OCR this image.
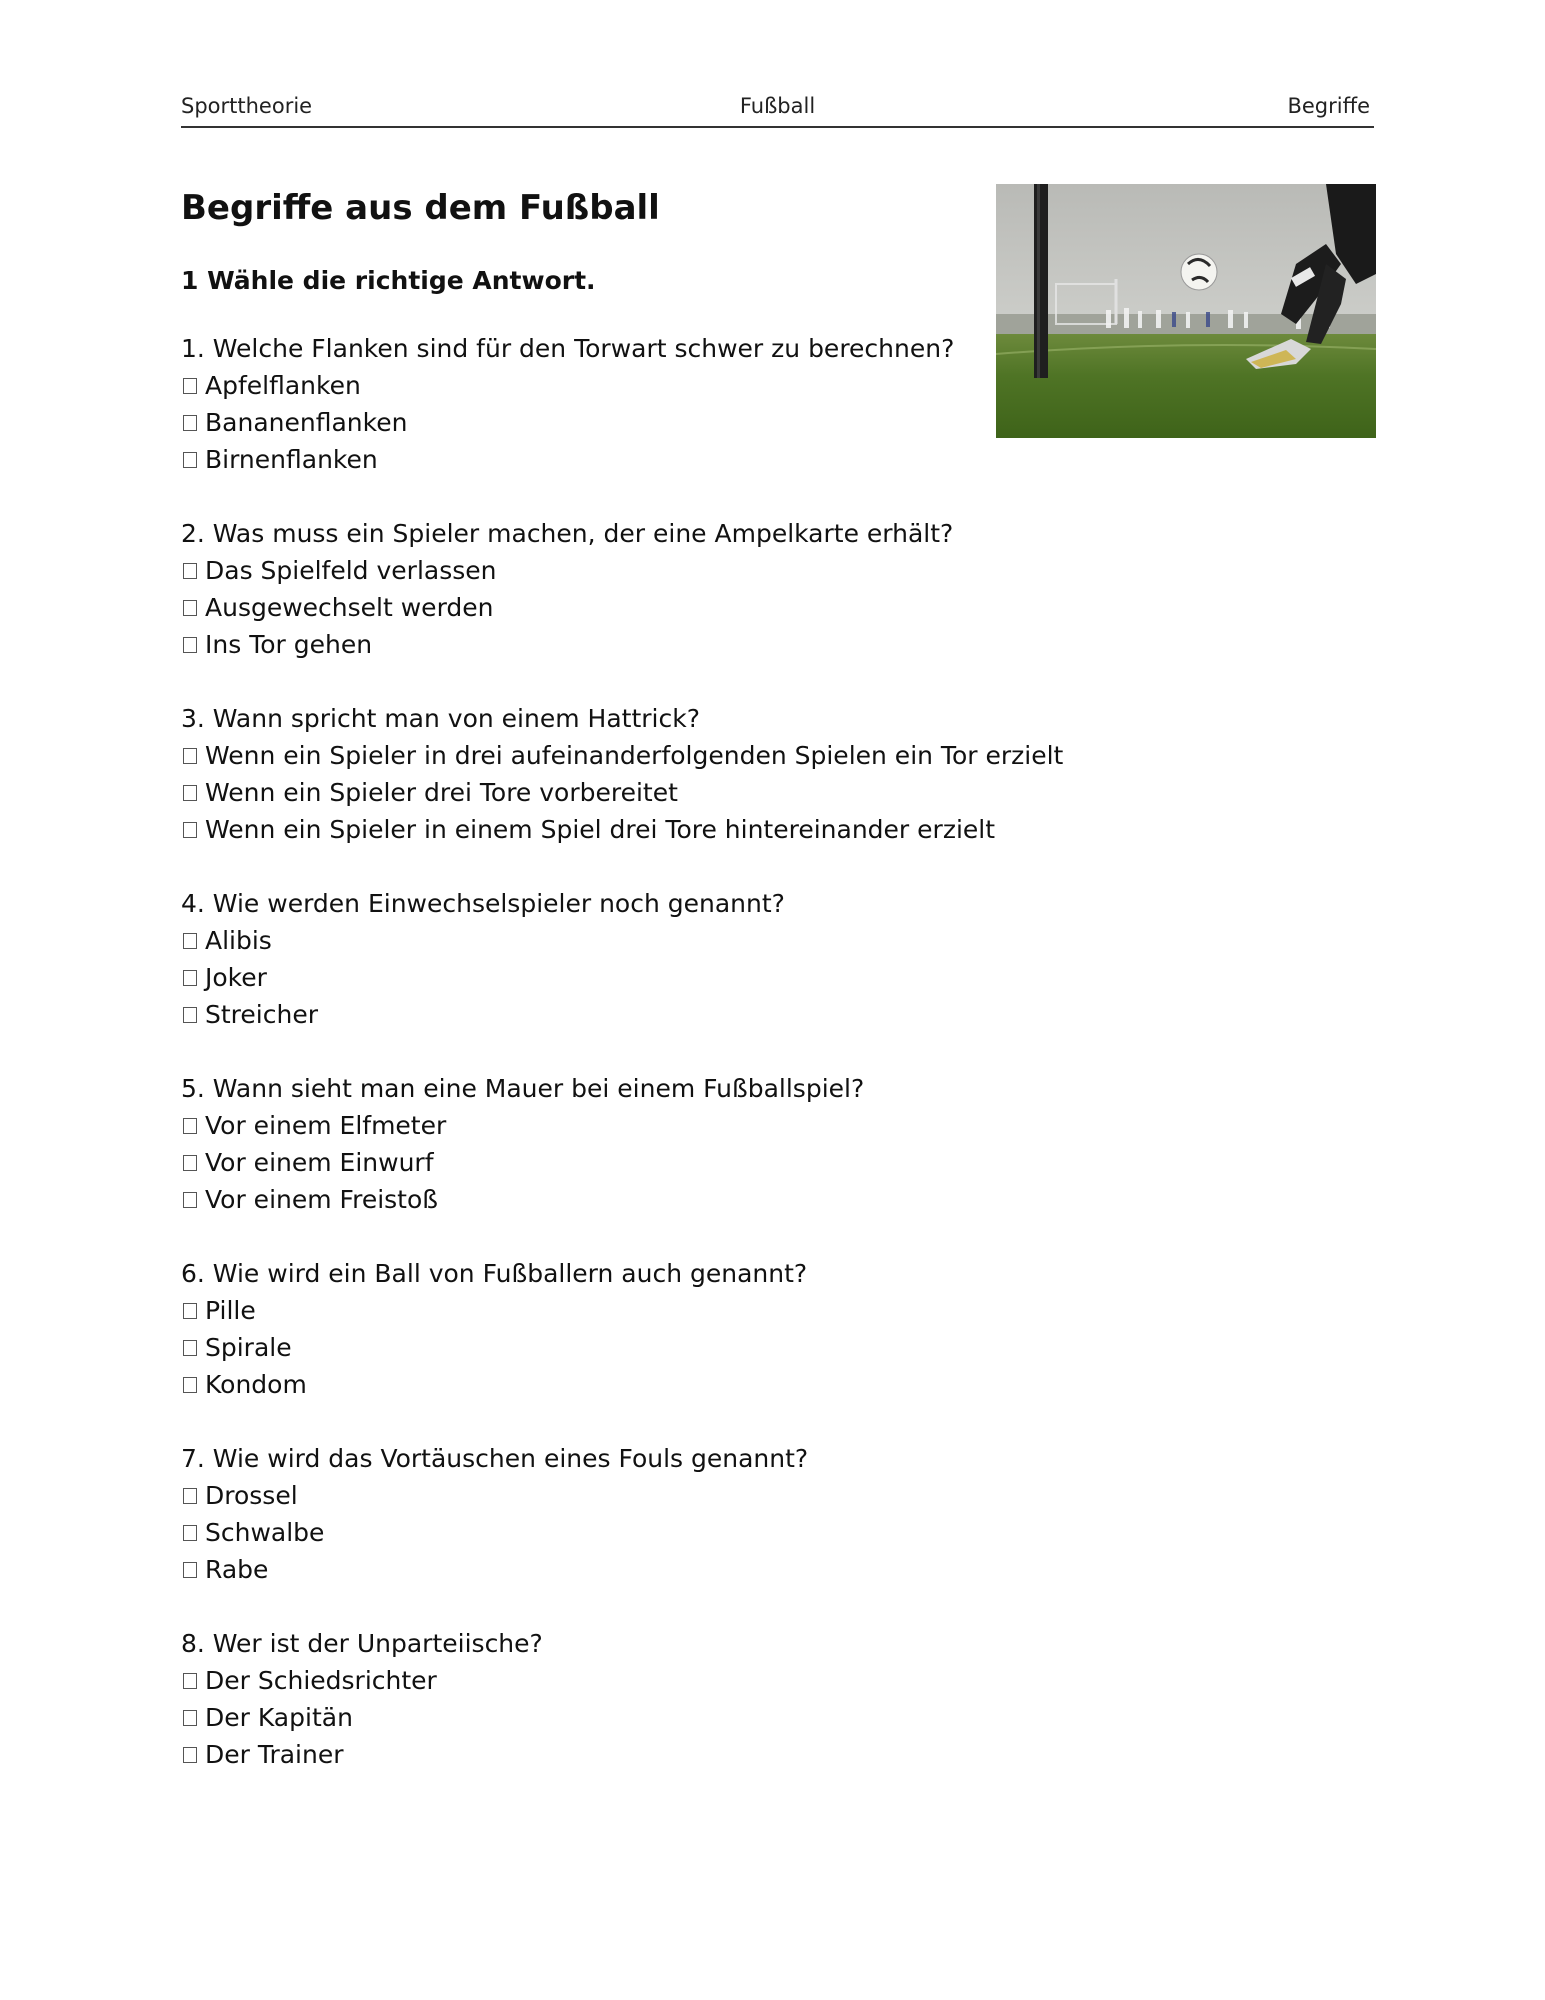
Sporttheorie	Fußball	Begriffe
Begriffe aus dem Fußball
1 Wähle die richtige Antwort.

1. Welche Flanken sind für den Torwart schwer zu berechnen?

Apfelflanken
Bananenflanken
Birnenflanken

2. Was muss ein Spieler machen, der eine Ampelkarte erhält?

Das Spielfeld verlassen
Ausgewechselt werden
Ins Tor gehen

3. Wann spricht man von einem Hattrick?

Wenn ein Spieler in drei aufeinanderfolgenden Spielen ein Tor erzielt
Wenn ein Spieler drei Tore vorbereitet
Wenn ein Spieler in einem Spiel drei Tore hintereinander erzielt

4. Wie werden Einwechselspieler noch genannt?

Alibis
Joker
Streicher

5. Wann sieht man eine Mauer bei einem Fußballspiel?

Vor einem Elfmeter
Vor einem Einwurf
Vor einem Freistoß

6. Wie wird ein Ball von Fußballern auch genannt?

Pille
Spirale
Kondom

7. Wie wird das Vortäuschen eines Fouls genannt?

Drossel
Schwalbe
Rabe

8. Wer ist der Unparteiische?

Der Schiedsrichter
Der Kapitän
Der Trainer
